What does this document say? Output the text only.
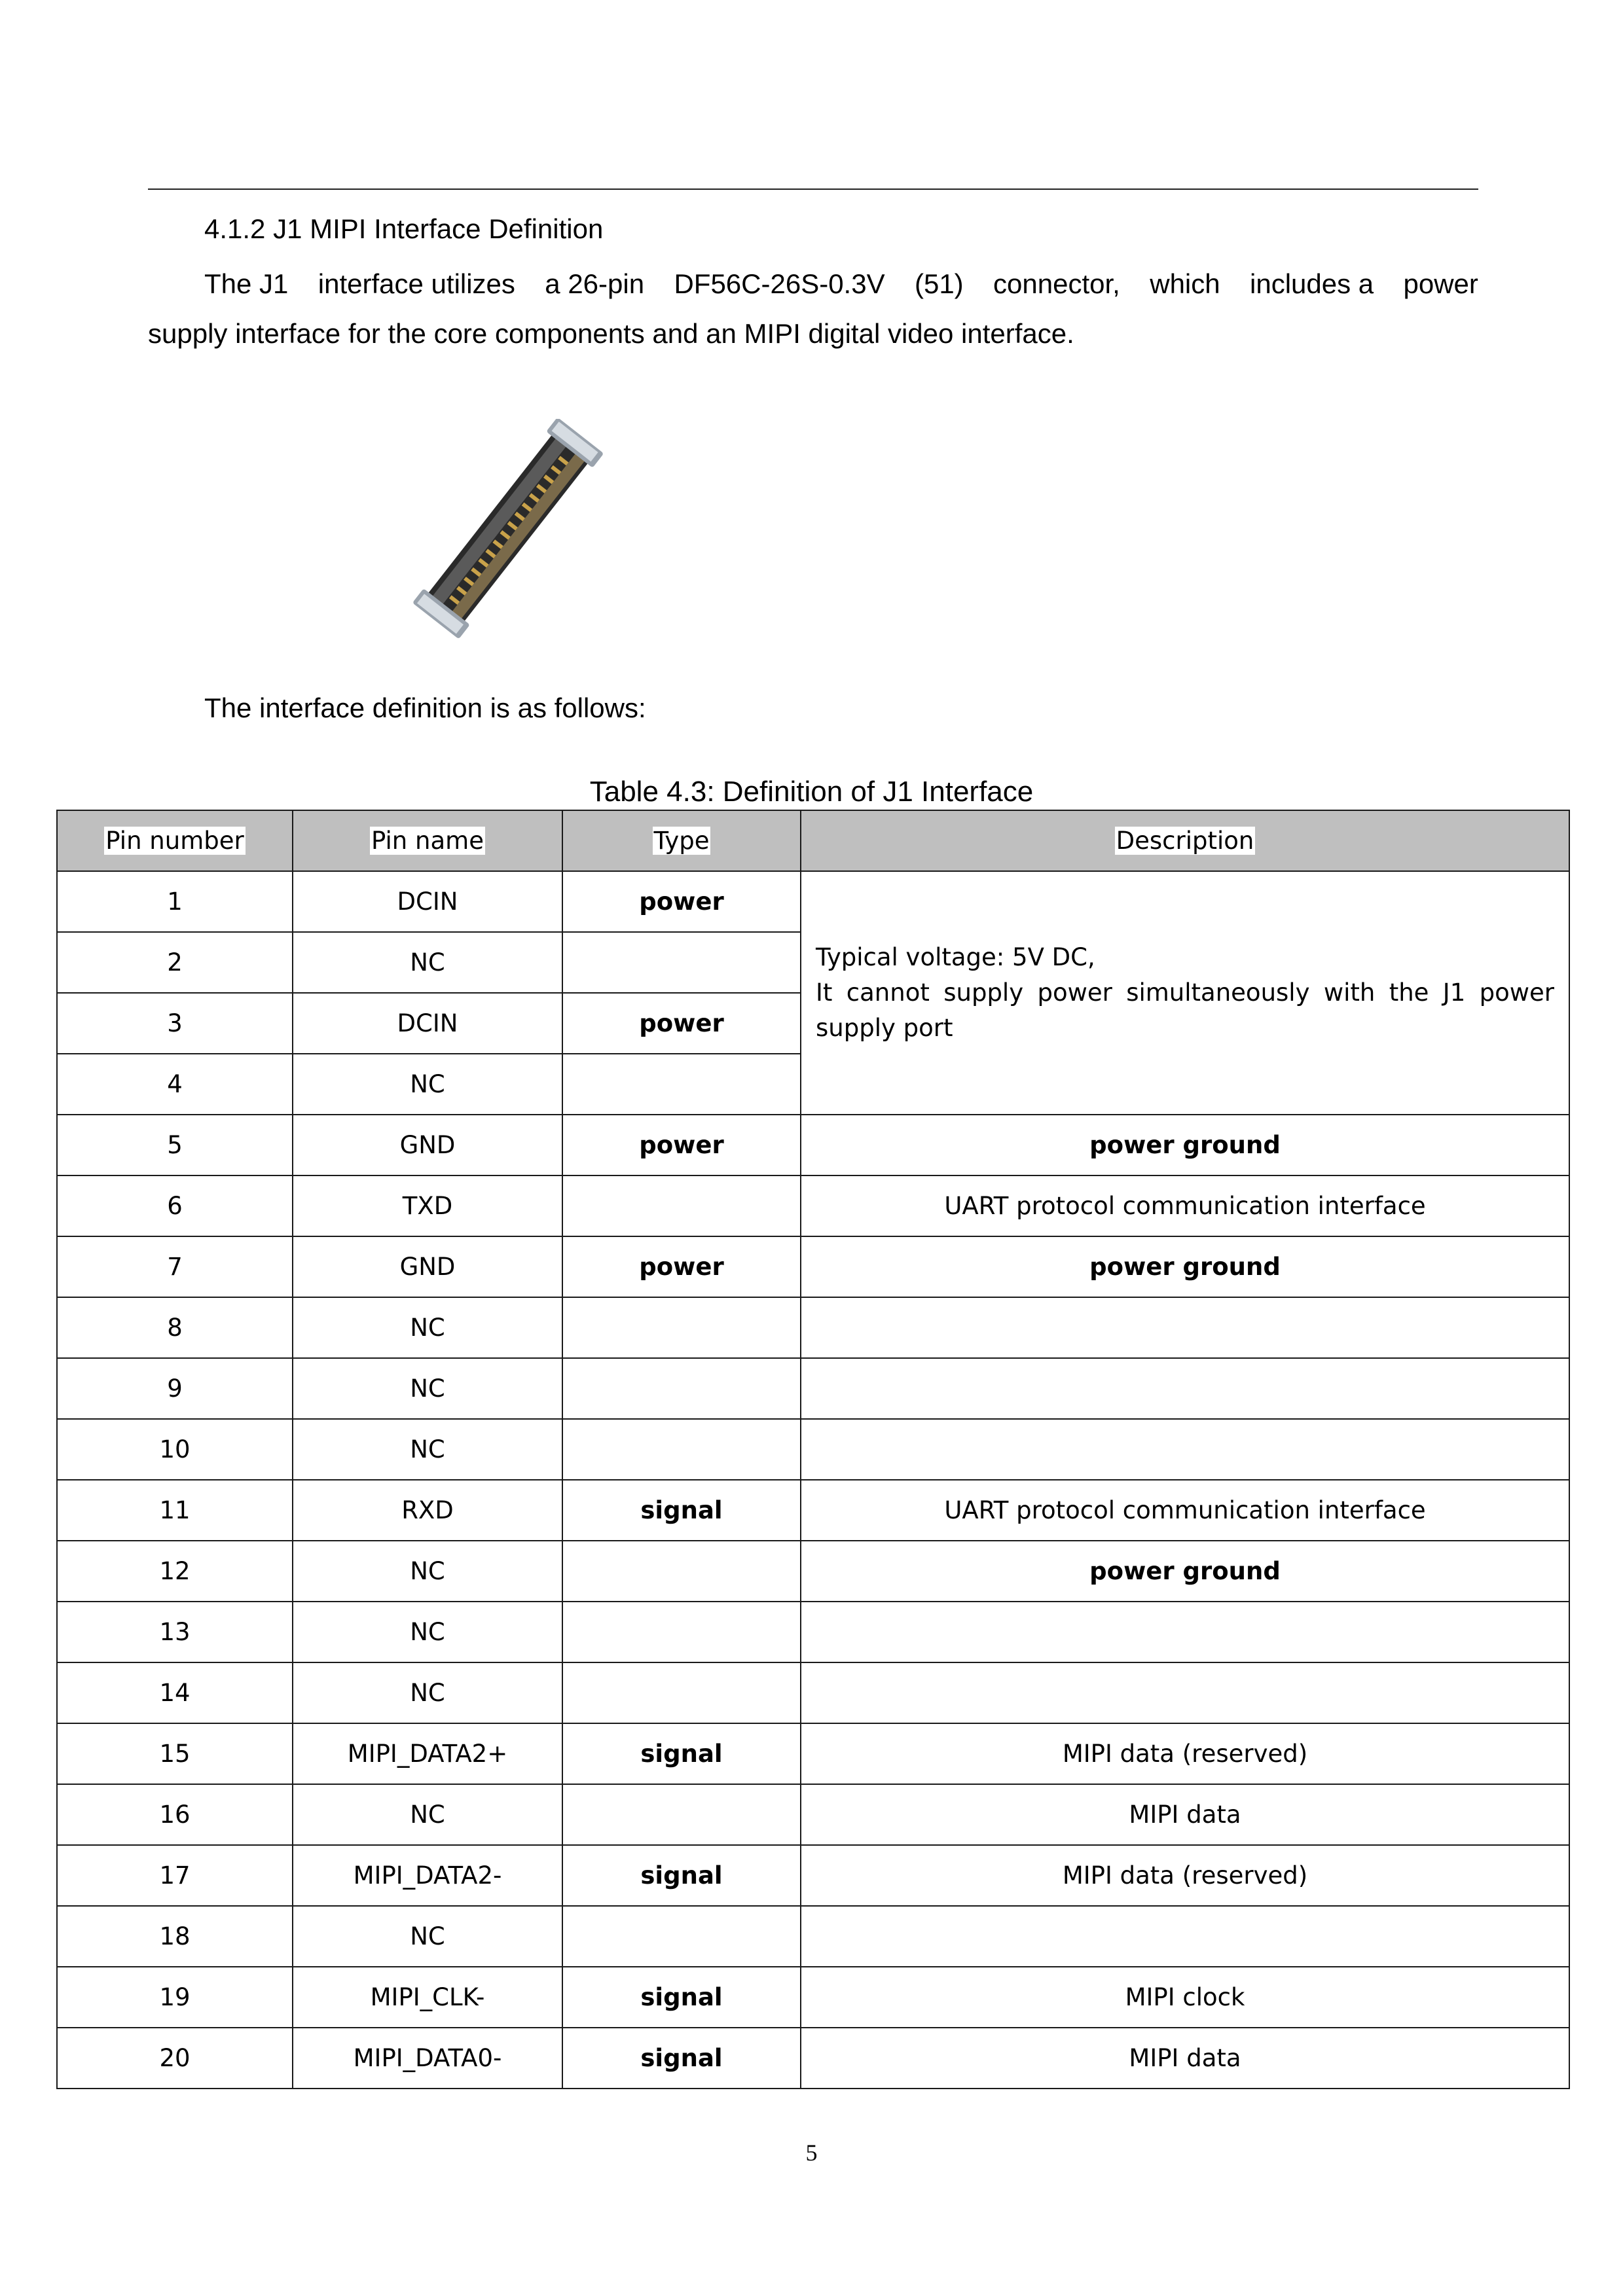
4.1.2 J1 MIPI Interface Definition
The J1 interface utilizes a 26-pin DF56C-26S-0.3V (51) connector, which includes a power
supply interface for the core components and an MIPI digital video interface.
The interface definition is as follows:
Table 4.3: Definition of J1 Interface
Pin number	Pin name	Type	Description
1	DCIN	power	Typical voltage: 5V DC,
It cannot supply power simultaneously with the J1 power supply port

2	NC		
3	DCIN	power	
4	NC		
5	GND	power	power ground
6	TXD		UART protocol communication interface
7	GND	power	power ground
8	NC		
9	NC		
10	NC		
11	RXD	signal	UART protocol communication interface
12	NC		power ground
13	NC		
14	NC		
15	MIPI_DATA2+	signal	MIPI data (reserved)
16	NC		MIPI data
17	MIPI_DATA2-	signal	MIPI data (reserved)
18	NC		
19	MIPI_CLK-	signal	MIPI clock
20	MIPI_DATA0-	signal	MIPI data
5
